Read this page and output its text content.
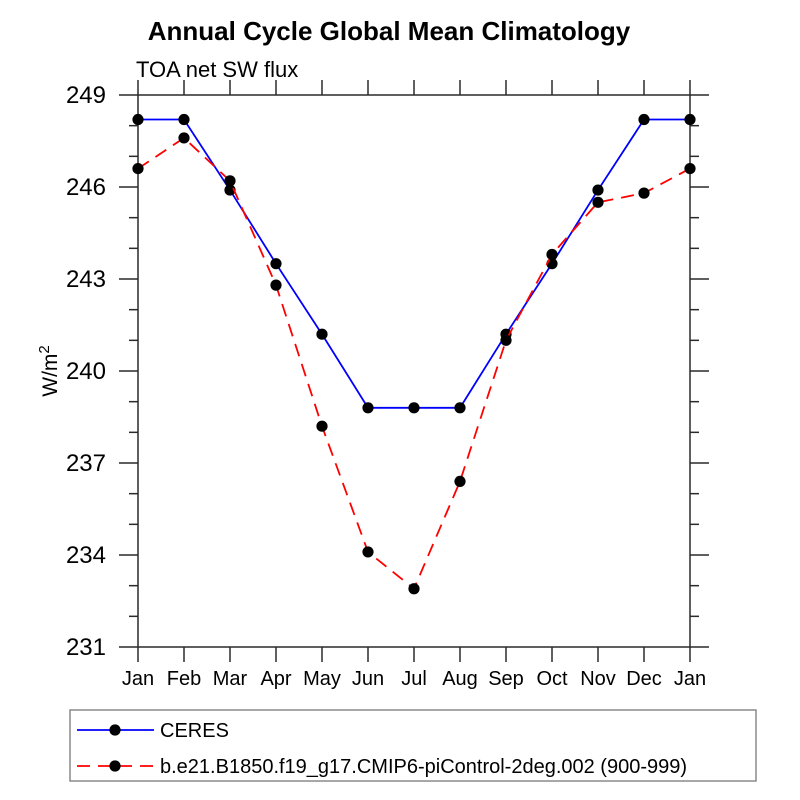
Annual Cycle Global Mean Climatology
TOA net SW flux
Jan Feb Mar Apr May Jun Jul Aug Sep Oct Nov Dec Jan
231
234
237
240
243
246
249
$W/m^2$
CERES
b.e21.B1850.f19_g17.CMIP6-piControl-2deg.002 (900-999)
